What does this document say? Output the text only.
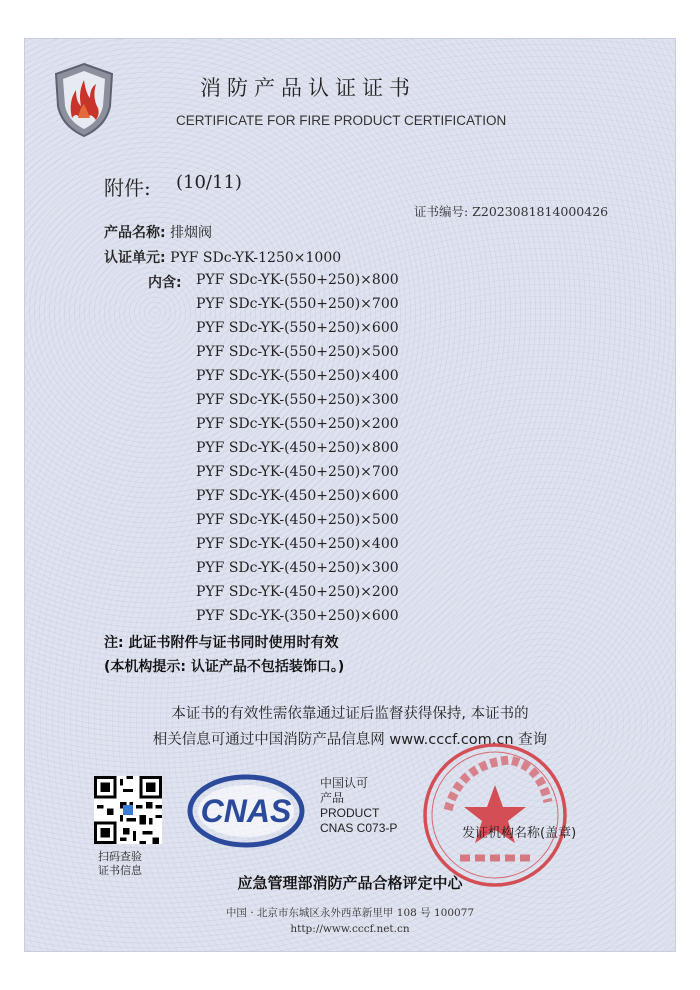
消防产品认证证书
CERTIFICATE FOR FIRE PRODUCT CERTIFICATION
附件: (10/11)
证书编号: Z2023081814000426
产品名称: 排烟阀
认证单元: PYF SDc-YK-1250×1000
内含: PYF SDc-YK-(550+250)×800
PYF SDc-YK-(550+250)×700
PYF SDc-YK-(550+250)×600
PYF SDc-YK-(550+250)×500
PYF SDc-YK-(550+250)×400
PYF SDc-YK-(550+250)×300
PYF SDc-YK-(550+250)×200
PYF SDc-YK-(450+250)×800
PYF SDc-YK-(450+250)×700
PYF SDc-YK-(450+250)×600
PYF SDc-YK-(450+250)×500
PYF SDc-YK-(450+250)×400
PYF SDc-YK-(450+250)×300
PYF SDc-YK-(450+250)×200
PYF SDc-YK-(350+250)×600
注: 此证书附件与证书同时使用时有效
(本机构提示: 认证产品不包括装饰口。)
本证书的有效性需依靠通过证后监督获得保持, 本证书的
相关信息可通过中国消防产品信息网 www.cccf.com.cn 查询
扫码查验
证书信息
CNAS
中国认可
产品
PRODUCT
CNAS C073-P	发证机构名称(盖章)
应急管理部消防产品合格评定中心
中国 · 北京市东城区永外西革新里甲 108 号 100077
http://www.cccf.net.cn
